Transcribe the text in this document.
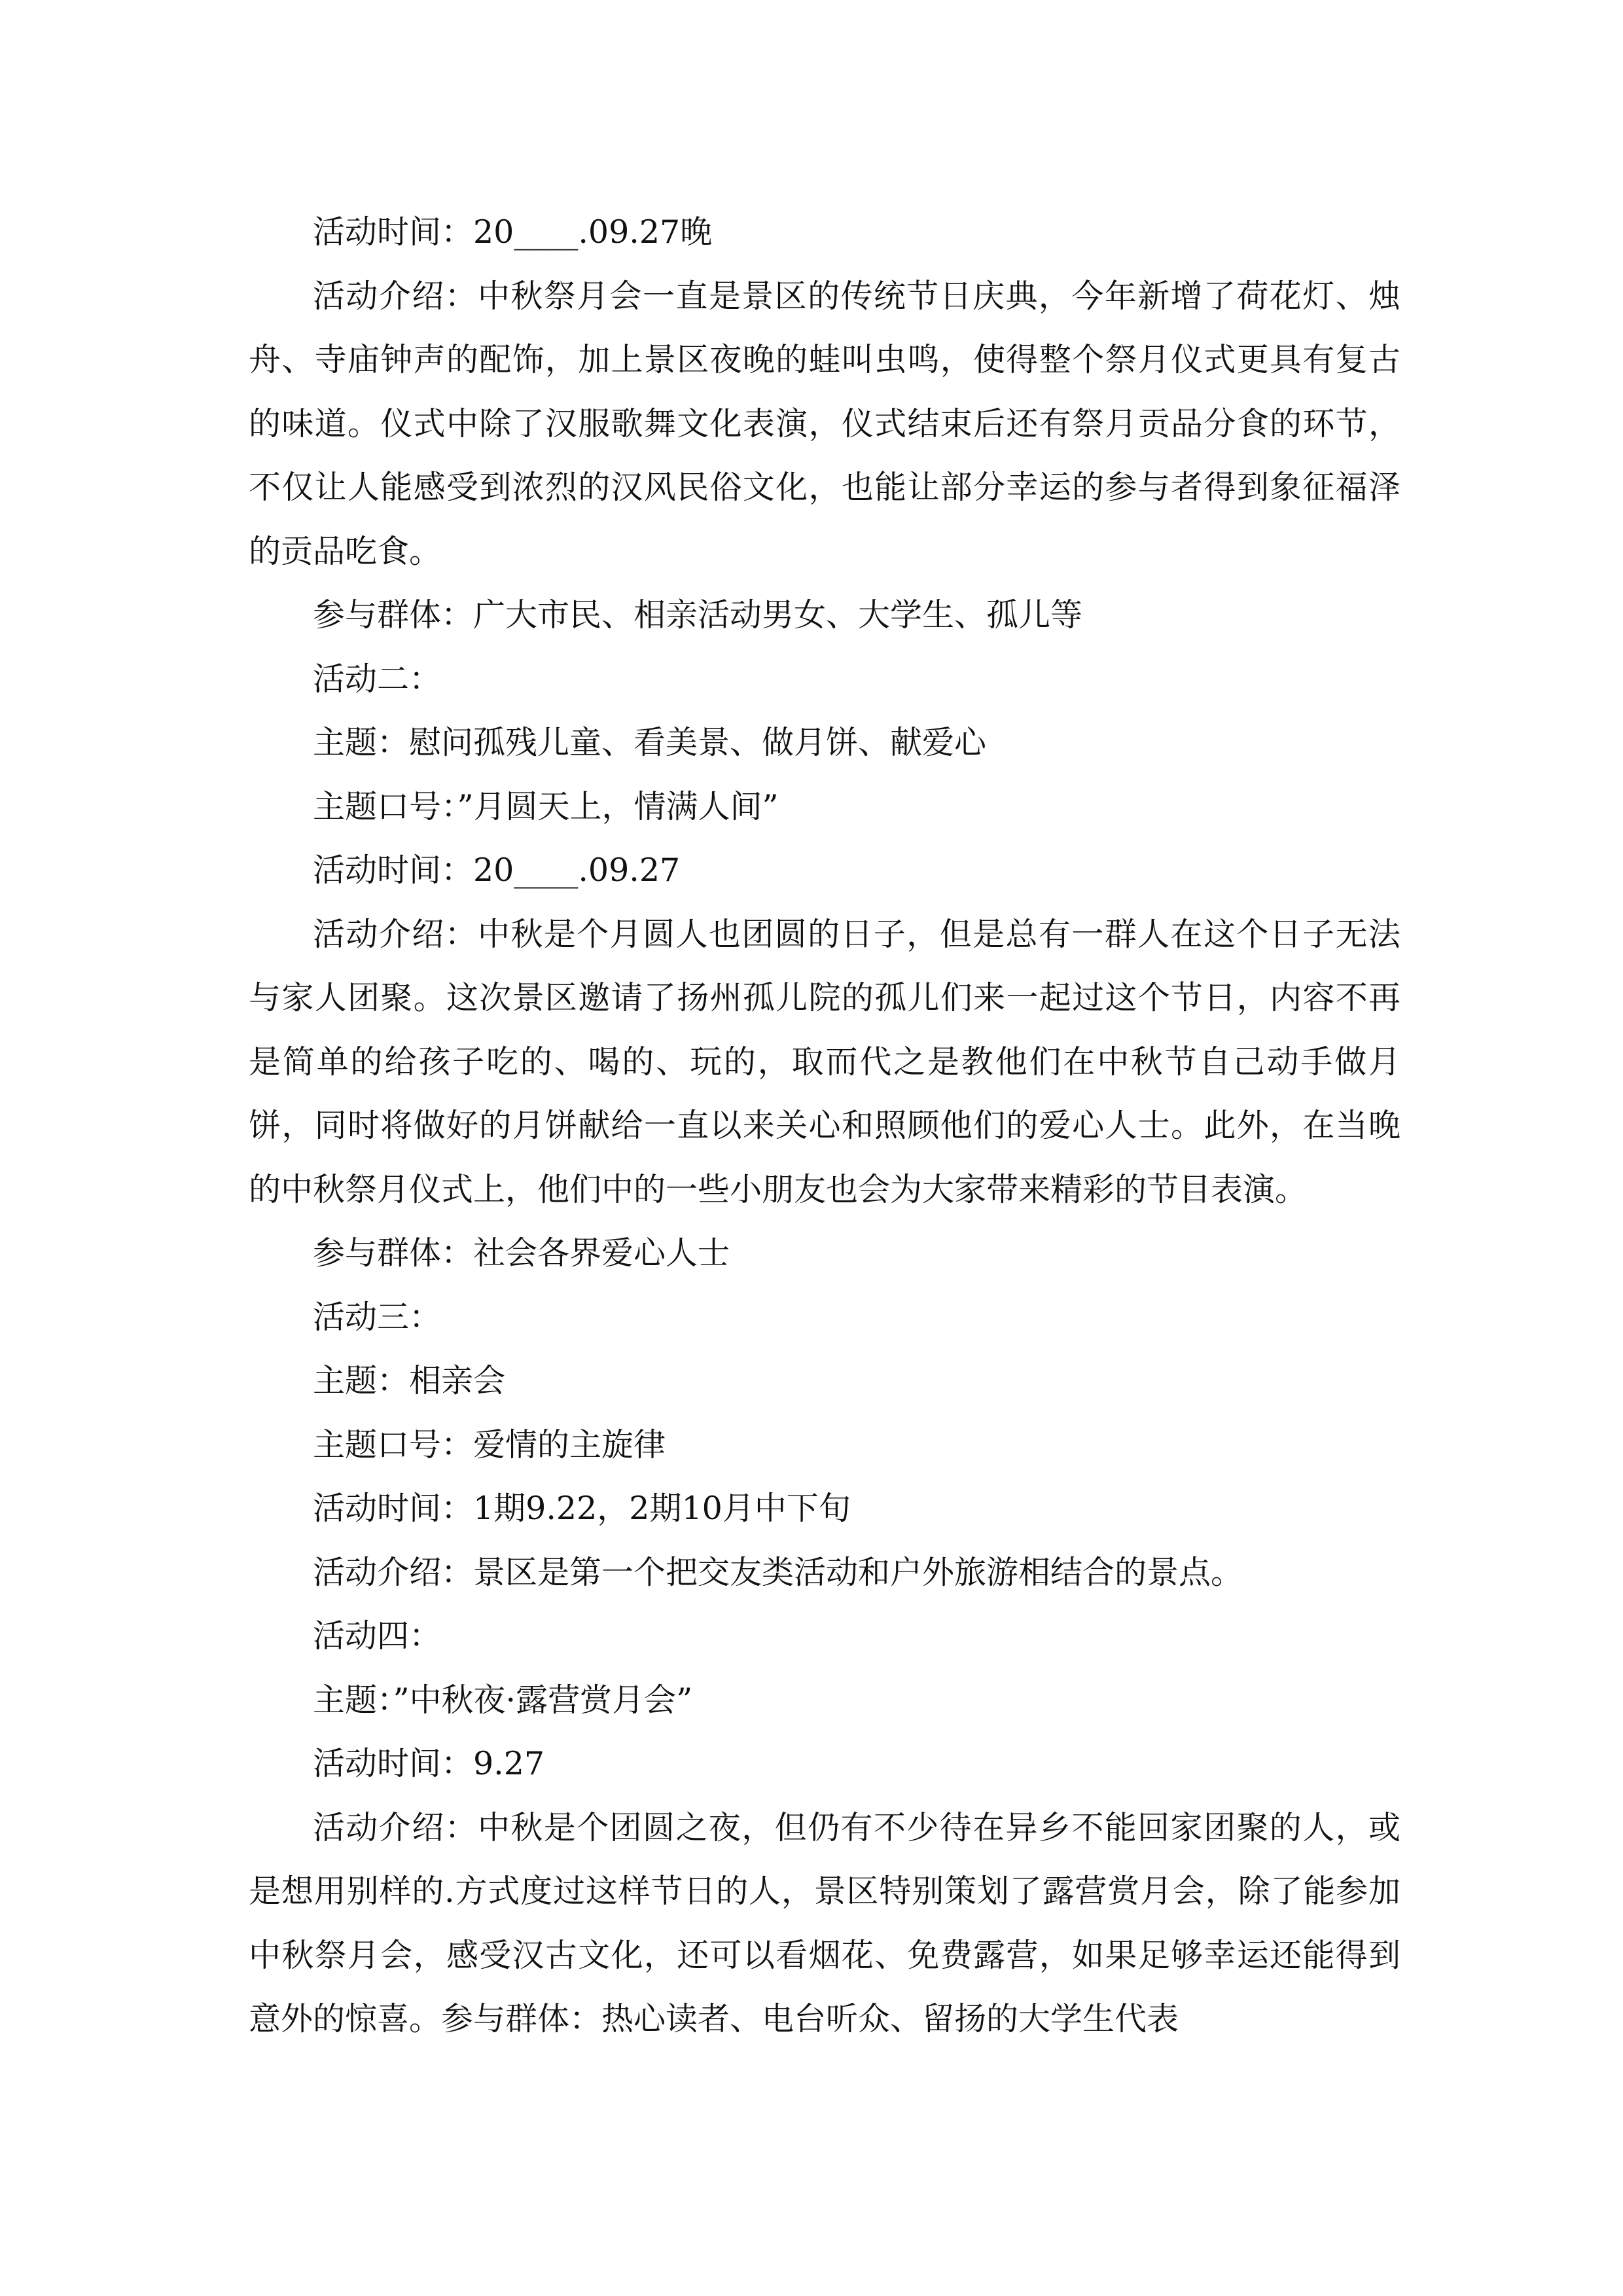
活动时间：20____.09.27晚

活动介绍：中秋祭月会一直是景区的传统节日庆典，今年新增了荷花灯、烛舟、寺庙钟声的配饰，加上景区夜晚的蛙叫虫鸣，使得整个祭月仪式更具有复古的味道。仪式中除了汉服歌舞文化表演，仪式结束后还有祭月贡品分食的环节，不仅让人能感受到浓烈的汉风民俗文化，也能让部分幸运的参与者得到象征福泽的贡品吃食。

参与群体：广大市民、相亲活动男女、大学生、孤儿等

活动二：

主题：慰问孤残儿童、看美景、做月饼、献爱心

主题口号：”月圆天上，情满人间”

活动时间：20____.09.27

活动介绍：中秋是个月圆人也团圆的日子，但是总有一群人在这个日子无法与家人团聚。这次景区邀请了扬州孤儿院的孤儿们来一起过这个节日，内容不再是简单的给孩子吃的、喝的、玩的，取而代之是教他们在中秋节自己动手做月饼，同时将做好的月饼献给一直以来关心和照顾他们的爱心人士。此外，在当晚的中秋祭月仪式上，他们中的一些小朋友也会为大家带来精彩的节目表演。

参与群体：社会各界爱心人士

活动三：

主题：相亲会

主题口号：爱情的主旋律

活动时间：1期9.22，2期10月中下旬

活动介绍：景区是第一个把交友类活动和户外旅游相结合的景点。

活动四：

主题：”中秋夜·露营赏月会”

活动时间：9.27

活动介绍：中秋是个团圆之夜，但仍有不少待在异乡不能回家团聚的人，或是想用别样的.方式度过这样节日的人，景区特别策划了露营赏月会，除了能参加中秋祭月会，感受汉古文化，还可以看烟花、免费露营，如果足够幸运还能得到意外的惊喜。参与群体：热心读者、电台听众、留扬的大学生代表
